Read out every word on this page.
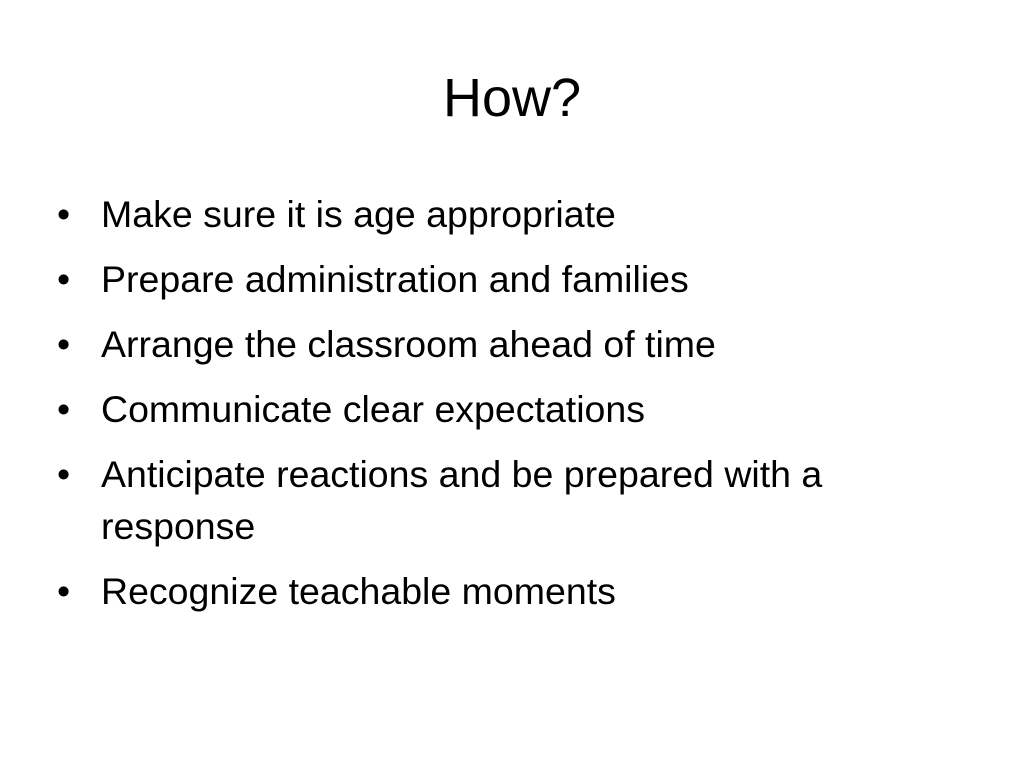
How?
• Make sure it is age appropriate
• Prepare administration and families
• Arrange the classroom ahead of time
• Communicate clear expectations
• Anticipate reactions and be prepared with a response
• Recognize teachable moments
